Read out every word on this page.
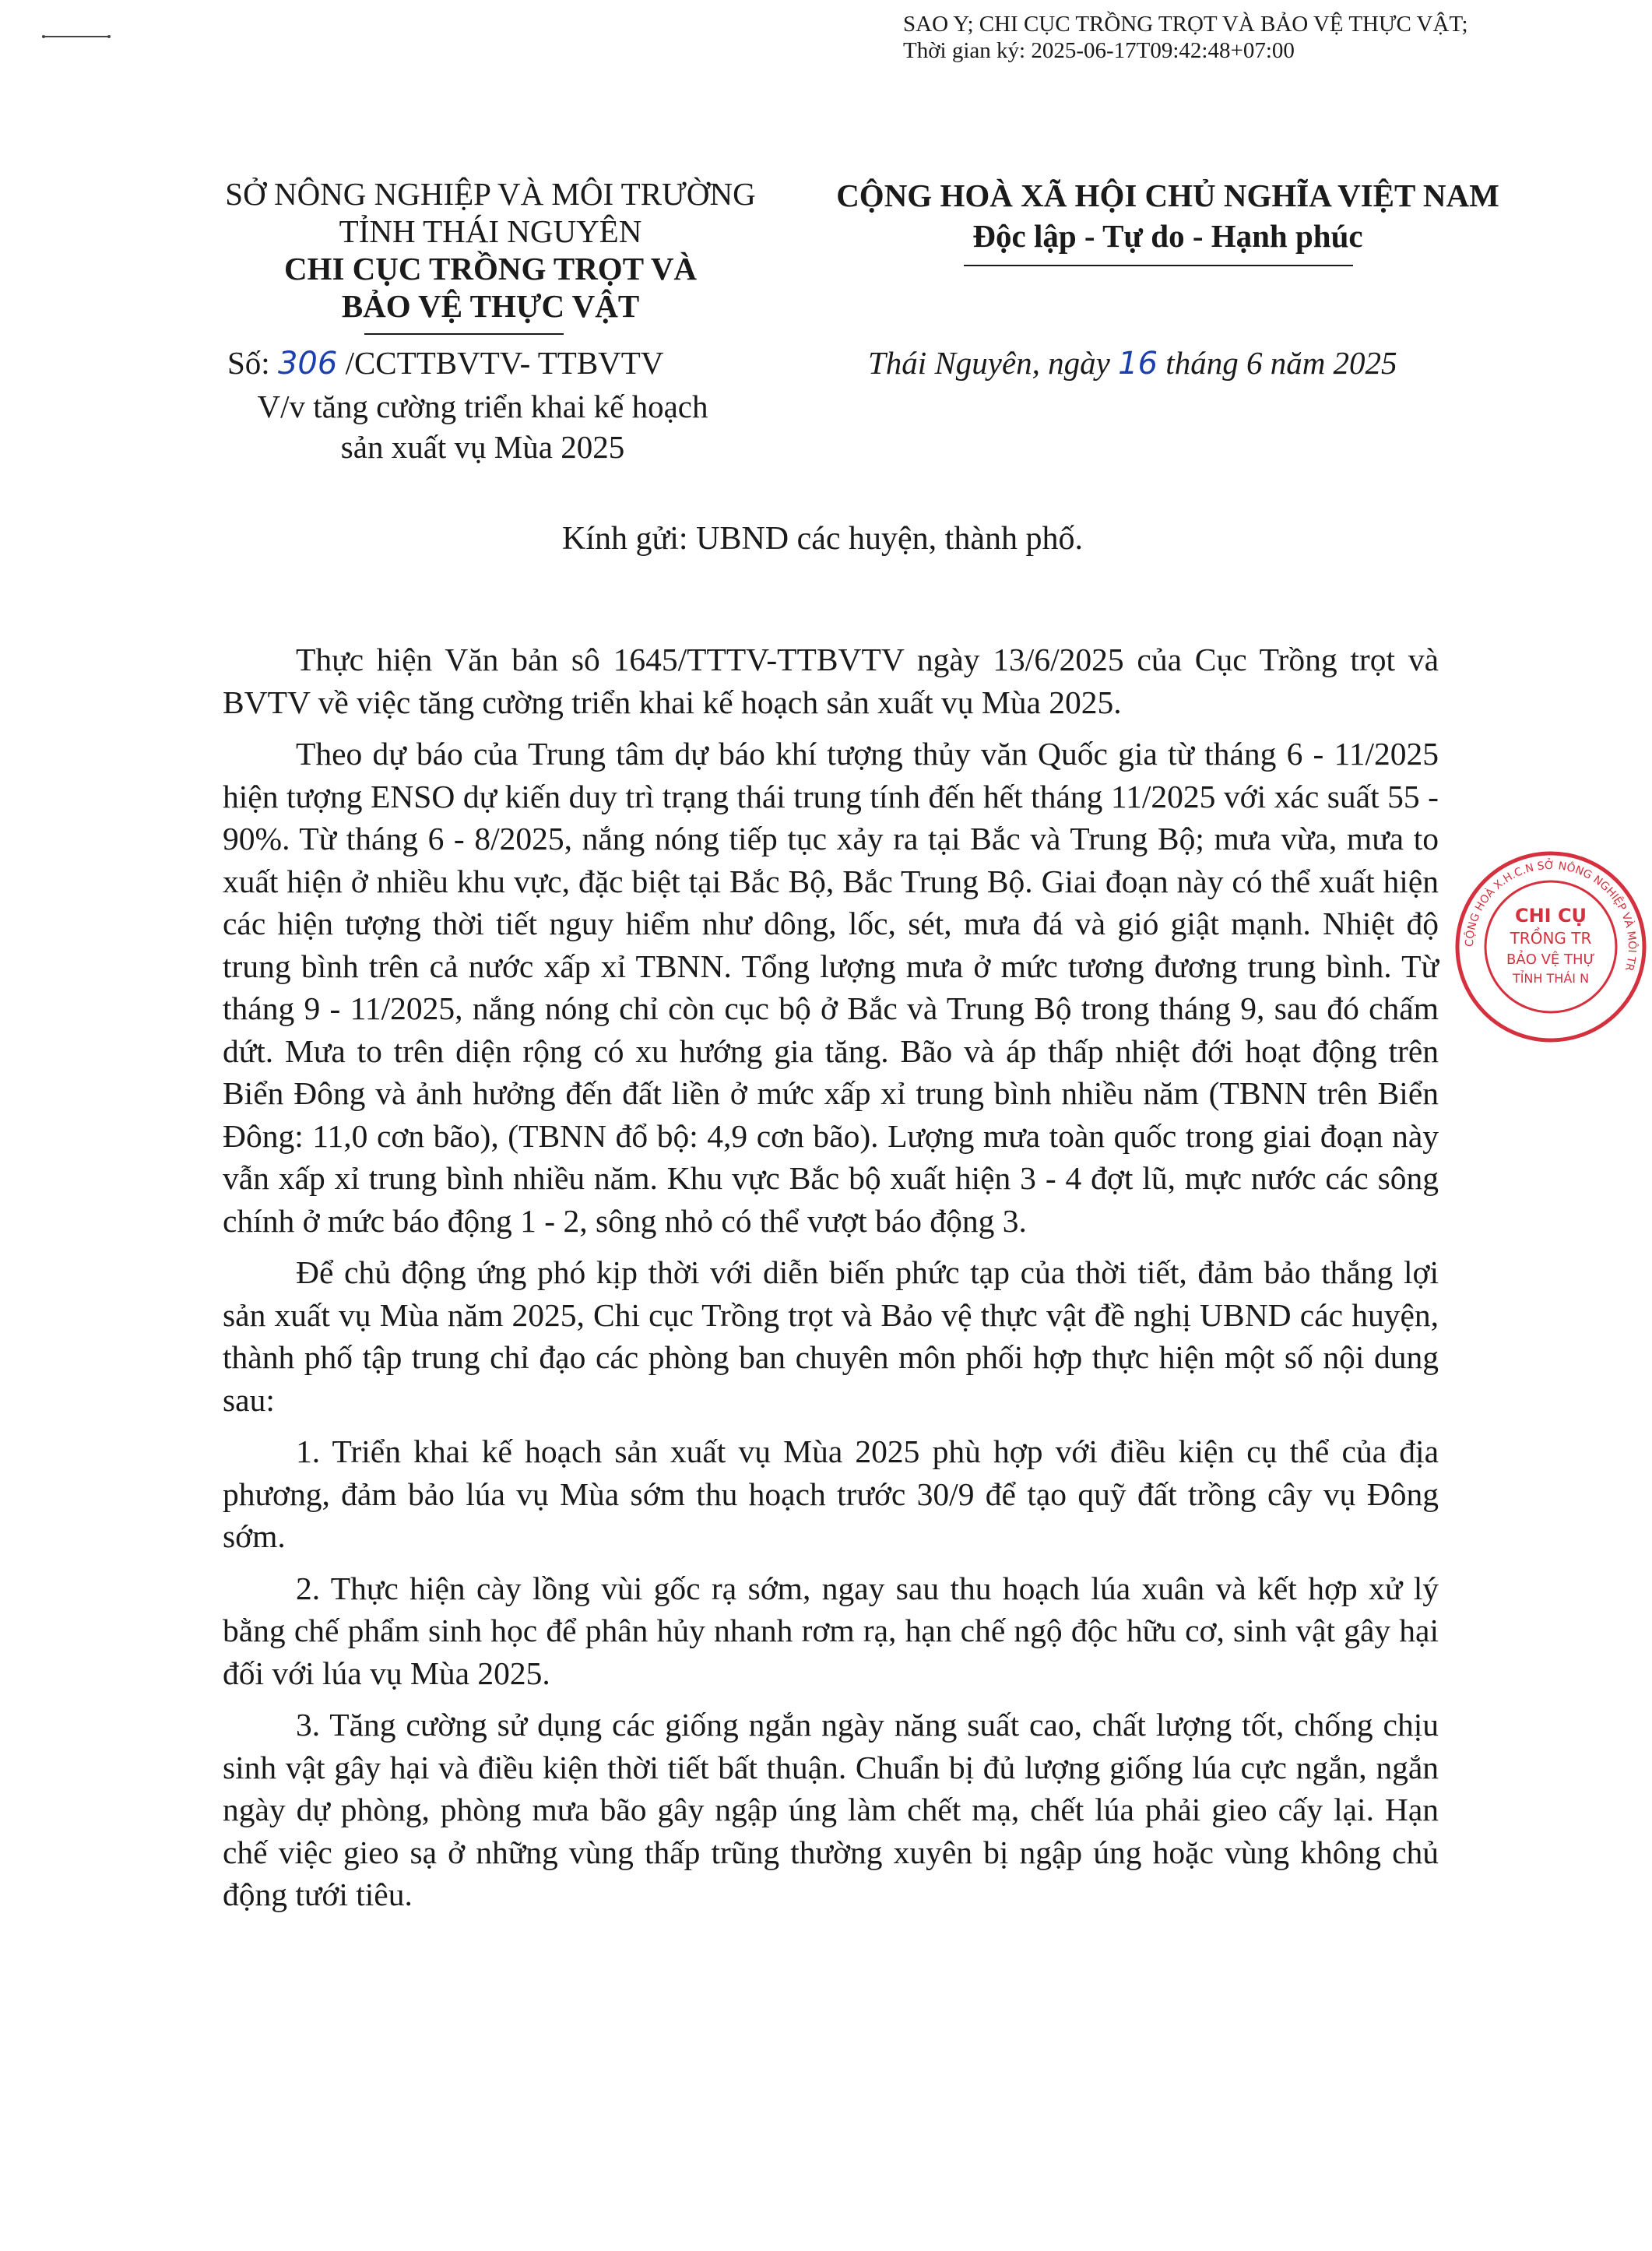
SAO Y; CHI CỤC TRỒNG TRỌT VÀ BẢO VỆ THỰC VẬT;
Thời gian ký: 2025-06-17T09:42:48+07:00
SỞ NÔNG NGHIỆP VÀ MÔI TRƯỜNG
TỈNH THÁI NGUYÊN
CHI CỤC TRỒNG TRỌT VÀ
BẢO VỆ THỰC VẬT
CỘNG HOÀ XÃ HỘI CHỦ NGHĨA VIỆT NAM
Độc lập - Tự do - Hạnh phúc
Số: 306 /CCTTBVTV- TTBVTV
V/v tăng cường triển khai kế hoạch
sản xuất vụ Mùa 2025
Thái Nguyên, ngày 16 tháng 6 năm 2025
Kính gửi: UBND các huyện, thành phố.

Thực hiện Văn bản sô 1645/TTTV-TTBVTV ngày 13/6/2025 của Cục Trồng trọt và BVTV về việc tăng cường triển khai kế hoạch sản xuất vụ Mùa 2025.

Theo dự báo của Trung tâm dự báo khí tượng thủy văn Quốc gia từ tháng 6 - 11/2025 hiện tượng ENSO dự kiến duy trì trạng thái trung tính đến hết tháng 11/2025 với xác suất 55 - 90%. Từ tháng 6 - 8/2025, nắng nóng tiếp tục xảy ra tại Bắc và Trung Bộ; mưa vừa, mưa to xuất hiện ở nhiều khu vực, đặc biệt tại Bắc Bộ, Bắc Trung Bộ. Giai đoạn này có thể xuất hiện các hiện tượng thời tiết nguy hiểm như dông, lốc, sét, mưa đá và gió giật mạnh. Nhiệt độ trung bình trên cả nước xấp xỉ TBNN. Tổng lượng mưa ở mức tương đương trung bình. Từ tháng 9 - 11/2025, nắng nóng chỉ còn cục bộ ở Bắc và Trung Bộ trong tháng 9, sau đó chấm dứt. Mưa to trên diện rộng có xu hướng gia tăng. Bão và áp thấp nhiệt đới hoạt động trên Biển Đông và ảnh hưởng đến đất liền ở mức xấp xỉ trung bình nhiều năm (TBNN trên Biển Đông: 11,0 cơn bão), (TBNN đổ bộ: 4,9 cơn bão). Lượng mưa toàn quốc trong giai đoạn này vẫn xấp xỉ trung bình nhiều năm. Khu vực Bắc bộ xuất hiện 3 - 4 đợt lũ, mực nước các sông chính ở mức báo động 1 - 2, sông nhỏ có thể vượt báo động 3.

Để chủ động ứng phó kịp thời với diễn biến phức tạp của thời tiết, đảm bảo thắng lợi sản xuất vụ Mùa năm 2025, Chi cục Trồng trọt và Bảo vệ thực vật đề nghị UBND các huyện, thành phố tập trung chỉ đạo các phòng ban chuyên môn phối hợp thực hiện một số nội dung sau:

1. Triển khai kế hoạch sản xuất vụ Mùa 2025 phù hợp với điều kiện cụ thể của địa phương, đảm bảo lúa vụ Mùa sớm thu hoạch trước 30/9 để tạo quỹ đất trồng cây vụ Đông sớm.

2. Thực hiện cày lồng vùi gốc rạ sớm, ngay sau thu hoạch lúa xuân và kết hợp xử lý bằng chế phẩm sinh học để phân hủy nhanh rơm rạ, hạn chế ngộ độc hữu cơ, sinh vật gây hại đối với lúa vụ Mùa 2025.

3. Tăng cường sử dụng các giống ngắn ngày năng suất cao, chất lượng tốt, chống chịu sinh vật gây hại và điều kiện thời tiết bất thuận. Chuẩn bị đủ lượng giống lúa cực ngắn, ngắn ngày dự phòng, phòng mưa bão gây ngập úng làm chết mạ, chết lúa phải gieo cấy lại. Hạn chế việc gieo sạ ở những vùng thấp trũng thường xuyên bị ngập úng hoặc vùng không chủ động tưới tiêu.

CHI CỤ
TRỒNG TR
BẢO VỆ THỰ
TỈNH THÁI N
CỘNG HOÀ X.H.C.N SỞ NÔNG NGHIỆP VÀ MÔI TR
